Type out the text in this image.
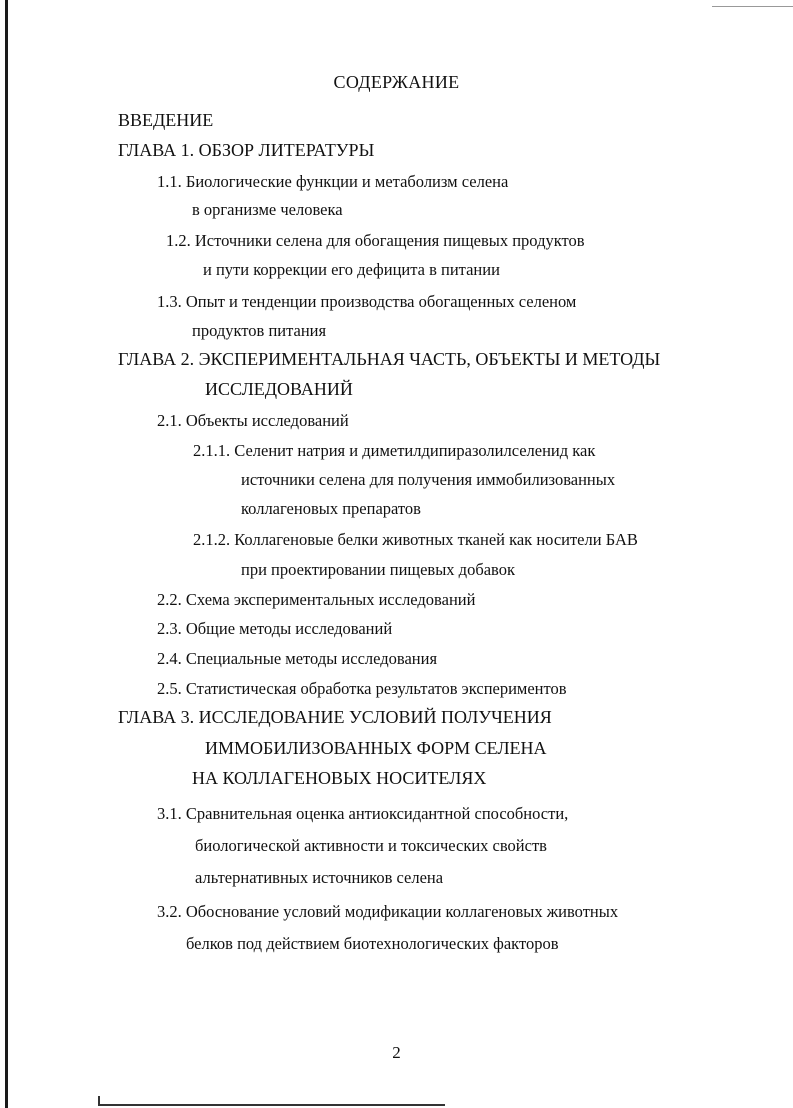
СОДЕРЖАНИЕ

ВВЕДЕНИЕ

ГЛАВА 1. ОБЗОР ЛИТЕРАТУРЫ

1.1. Биологические функции и метаболизм селена

в организме человека

1.2. Источники селена для обогащения пищевых продуктов

и пути коррекции его дефицита в питании

1.3. Опыт и тенденции производства обогащенных селеном

продуктов питания

ГЛАВА 2. ЭКСПЕРИМЕНТАЛЬНАЯ ЧАСТЬ, ОБЪЕКТЫ И МЕТОДЫ

ИССЛЕДОВАНИЙ

2.1. Объекты исследований

2.1.1. Селенит натрия и диметилдипиразолилселенид как

источники селена для получения иммобилизованных

коллагеновых препаратов

2.1.2. Коллагеновые белки животных тканей как носители БАВ

при проектировании пищевых добавок

2.2. Схема экспериментальных исследований

2.3. Общие методы исследований

2.4. Специальные методы исследования

2.5. Статистическая обработка результатов экспериментов

ГЛАВА 3. ИССЛЕДОВАНИЕ УСЛОВИЙ ПОЛУЧЕНИЯ

ИММОБИЛИЗОВАННЫХ ФОРМ СЕЛЕНА

НА КОЛЛАГЕНОВЫХ НОСИТЕЛЯХ

3.1. Сравнительная оценка антиоксидантной способности,

биологической активности и токсических свойств

альтернативных источников селена

3.2. Обоснование условий модификации коллагеновых животных

белков под действием биотехнологических факторов

2
